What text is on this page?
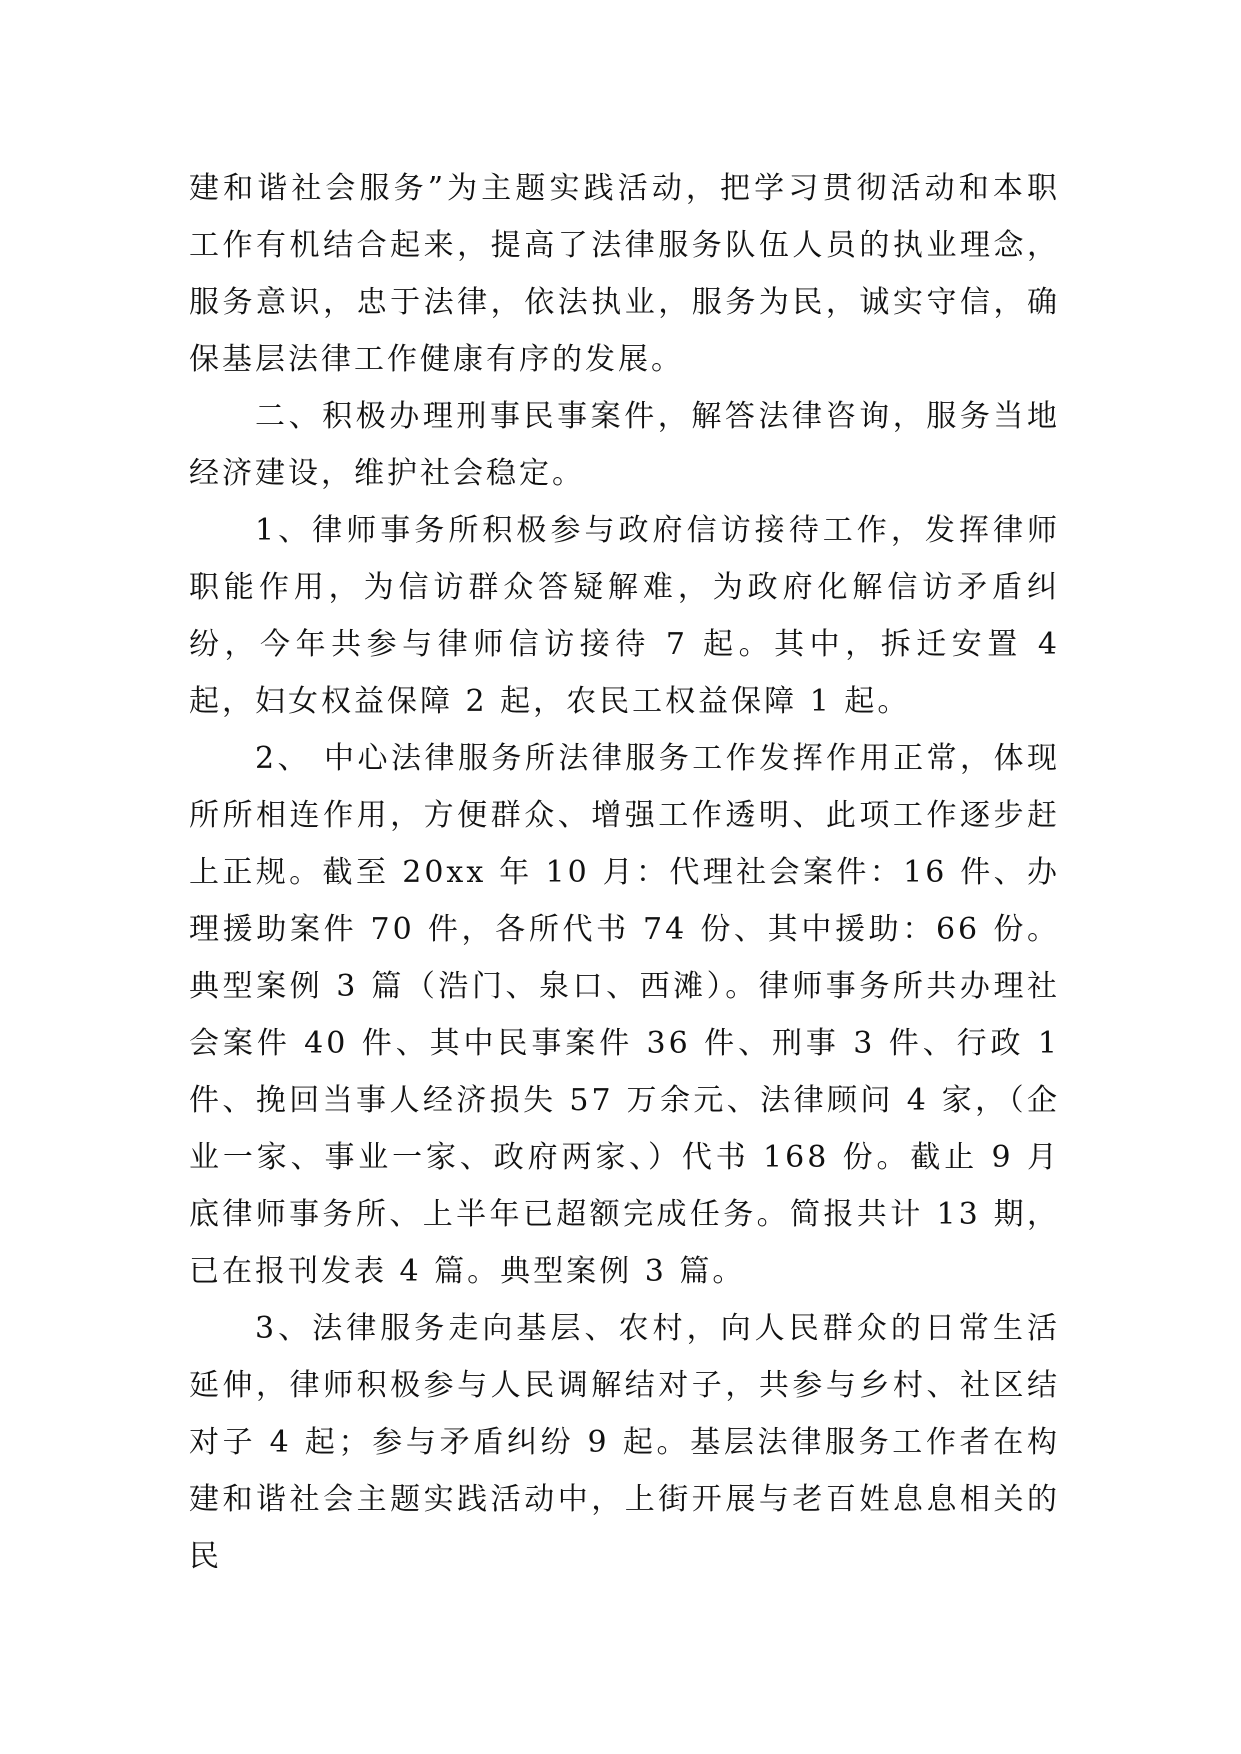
建和谐社会服务”为主题实践活动，把学习贯彻活动和本职工作有机结合起来，提高了法律服务队伍人员的执业理念，服务意识，忠于法律，依法执业，服务为民，诚实守信，确保基层法律工作健康有序的发展。

二、积极办理刑事民事案件，解答法律咨询，服务当地经济建设，维护社会稳定。

1、律师事务所积极参与政府信访接待工作，发挥律师职能作用，为信访群众答疑解难，为政府化解信访矛盾纠纷，今年共参与律师信访接待 7 起。其中，拆迁安置 4 起，妇女权益保障 2 起，农民工权益保障 1 起。

2、 中心法律服务所法律服务工作发挥作用正常，体现所所相连作用，方便群众、增强工作透明、此项工作逐步赶上正规。截至 20xx 年 10 月：代理社会案件：16 件、办理援助案件 70 件，各所代书 74 份、其中援助：66 份。典型案例 3 篇（浩门、泉口、西滩）。律师事务所共办理社会案件 40 件、其中民事案件 36 件、刑事 3 件、行政 1 件、挽回当事人经济损失 57 万余元、法律顾问 4 家，（企业一家、事业一家、政府两家、）代书 168 份。截止 9 月底律师事务所、上半年已超额完成任务。简报共计 13 期，已在报刊发表 4 篇。典型案例 3 篇。

3、法律服务走向基层、农村，向人民群众的日常生活延伸，律师积极参与人民调解结对子，共参与乡村、社区结对子 4 起；参与矛盾纠纷 9 起。基层法律服务工作者在构建和谐社会主题实践活动中，上街开展与老百姓息息相关的民
